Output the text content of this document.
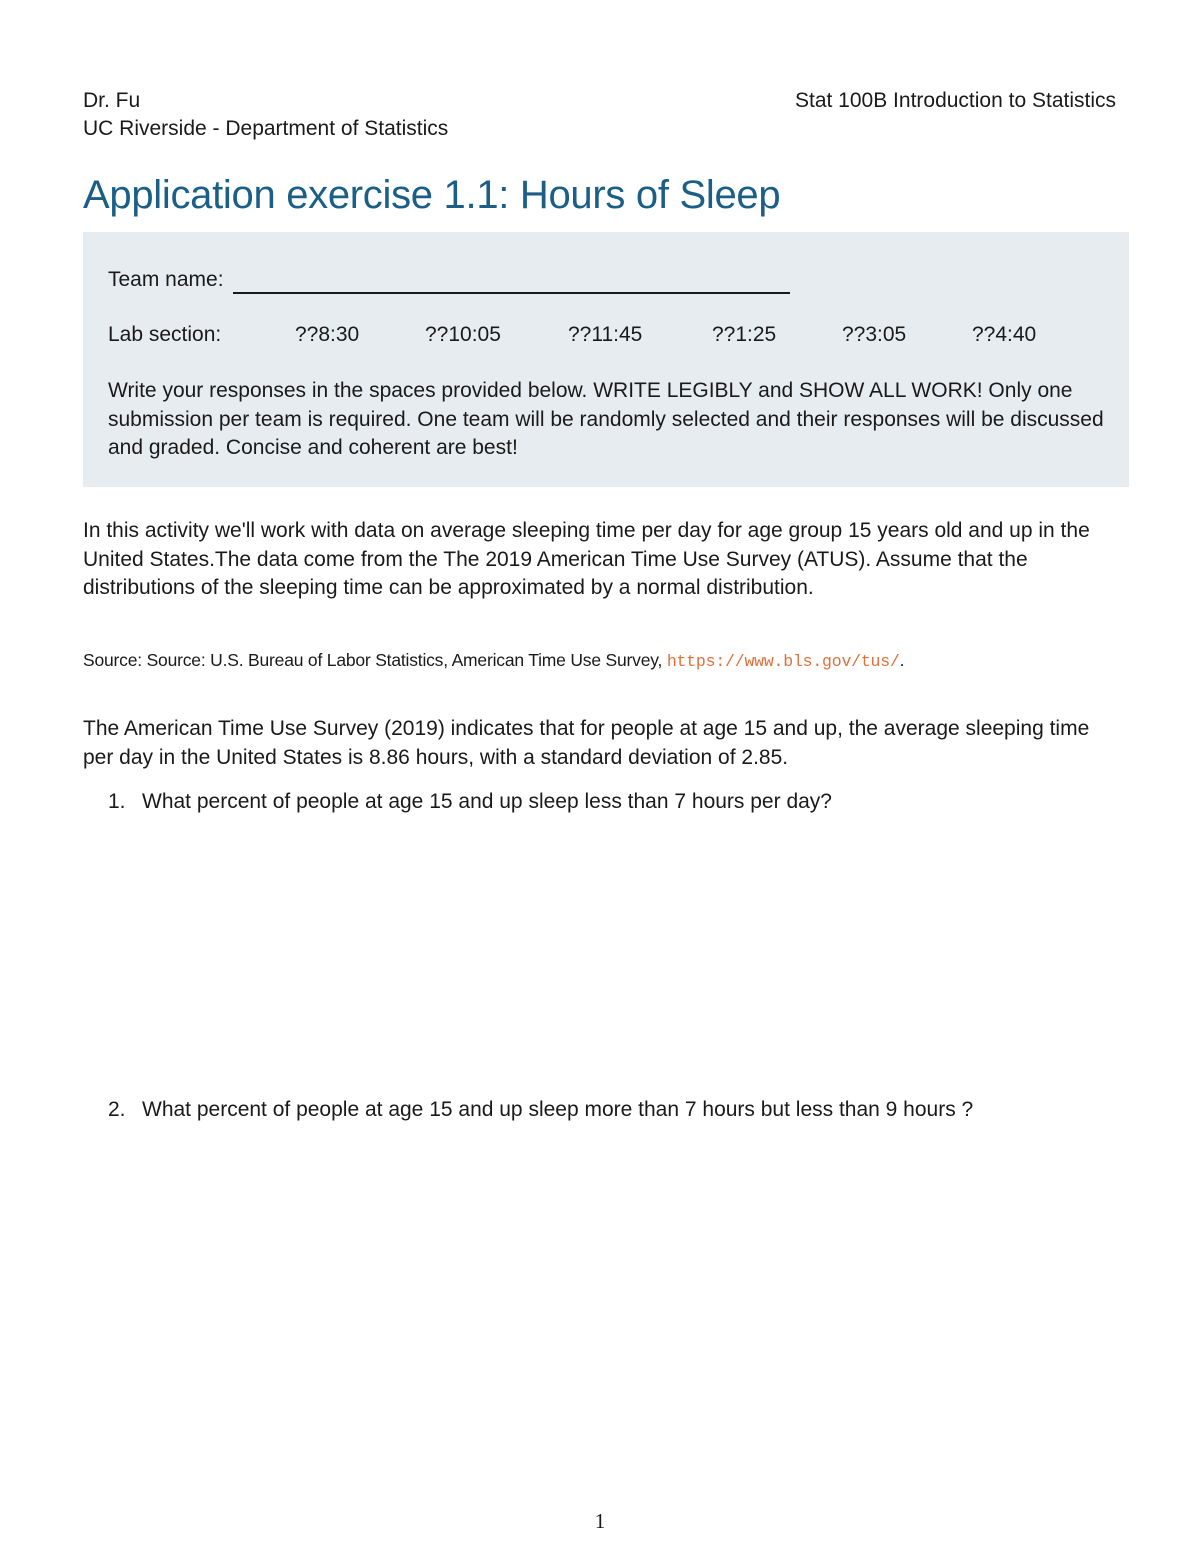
Dr. Fu
UC Riverside - Department of Statistics
Stat 100B Introduction to Statistics
Application exercise 1.1: Hours of Sleep
Team name:
Lab section:	??8:30	??10:05	??11:45	??1:25	??3:05	??4:40
Write your responses in the spaces provided below. WRITE LEGIBLY and SHOW ALL WORK! Only one submission per team is required. One team will be randomly selected and their responses will be discussed and graded. Concise and coherent are best!
In this activity we'll work with data on average sleeping time per day for age group 15 years old and up in the United States.The data come from the The 2019 American Time Use Survey (ATUS). Assume that the distributions of the sleeping time can be approximated by a normal distribution.
Source: Source: U.S. Bureau of Labor Statistics, American Time Use Survey, https://www.bls.gov/tus/.
The American Time Use Survey (2019) indicates that for people at age 15 and up, the average sleeping time per day in the United States is 8.86 hours, with a standard deviation of 2.85.
1. What percent of people at age 15 and up sleep less than 7 hours per day?
2. What percent of people at age 15 and up sleep more than 7 hours but less than 9 hours ?
1
